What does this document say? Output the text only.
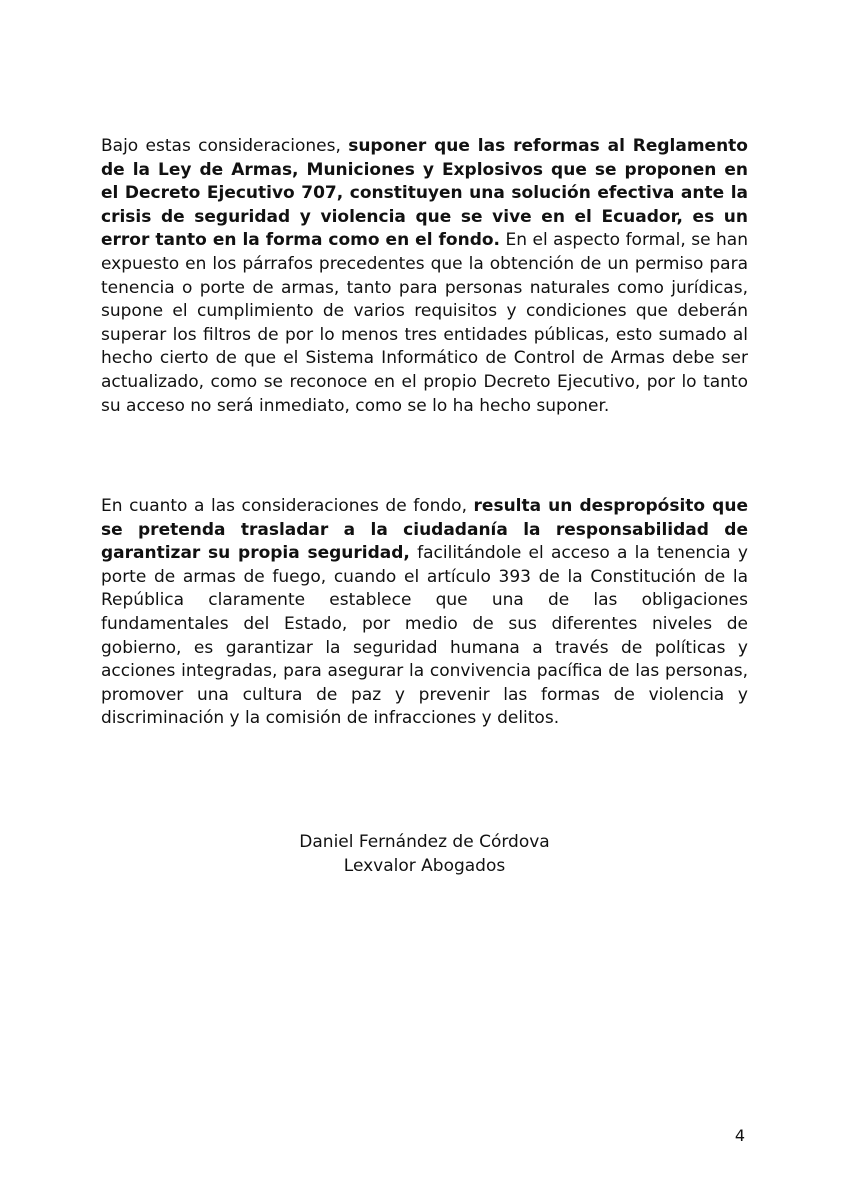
Bajo estas consideraciones, suponer que las reformas al Reglamento de la Ley de Armas, Municiones y Explosivos que se proponen en el Decreto Ejecutivo 707, constituyen una solución efectiva ante la crisis de seguridad y violencia que se vive en el Ecuador, es un error tanto en la forma como en el fondo. En el aspecto formal, se han expuesto en los párrafos precedentes que la obtención de un permiso para tenencia o porte de armas, tanto para personas naturales como jurídicas, supone el cumplimiento de varios requisitos y condiciones que deberán superar los filtros de por lo menos tres entidades públicas, esto sumado al hecho cierto de que el Sistema Informático de Control de Armas debe ser actualizado, como se reconoce en el propio Decreto Ejecutivo, por lo tanto su acceso no será inmediato, como se lo ha hecho suponer.

En cuanto a las consideraciones de fondo, resulta un despropósito que se pretenda trasladar a la ciudadanía la responsabilidad de garantizar su propia seguridad, facilitándole el acceso a la tenencia y porte de armas de fuego, cuando el artículo 393 de la Constitución de la República claramente establece que una de las obligaciones fundamentales del Estado, por medio de sus diferentes niveles de gobierno, es garantizar la seguridad humana a través de políticas y acciones integradas, para asegurar la convivencia pacífica de las personas, promover una cultura de paz y prevenir las formas de violencia y discriminación y la comisión de infracciones y delitos.

Daniel Fernández de Córdova
Lexvalor Abogados
4
